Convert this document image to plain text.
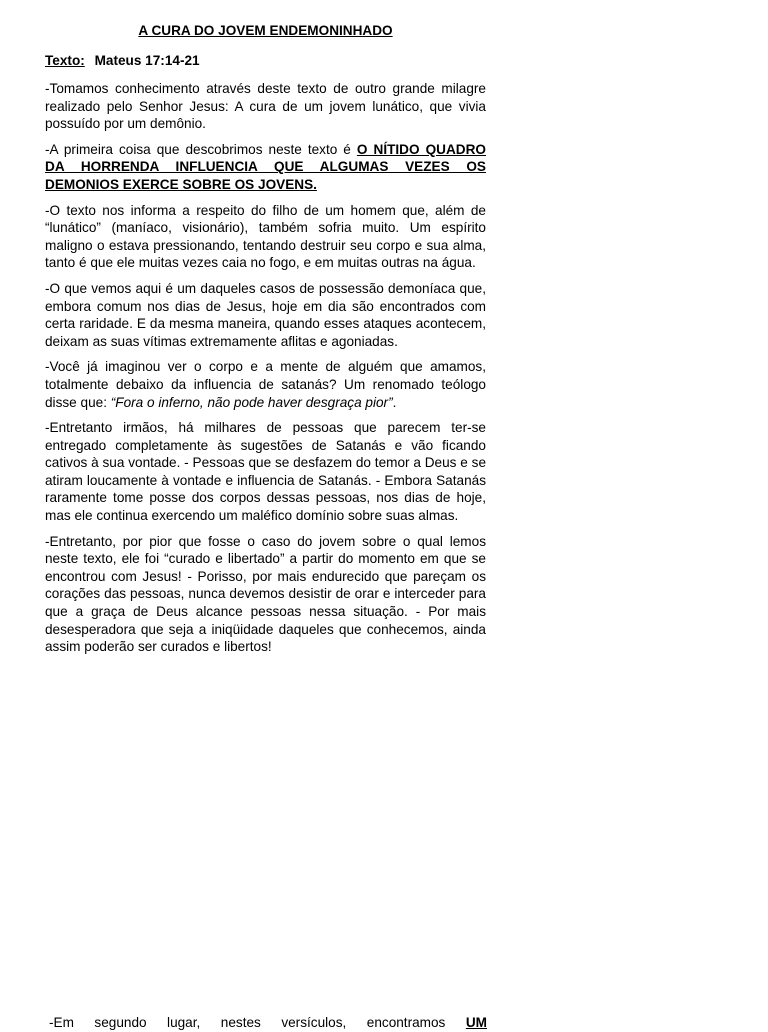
A CURA DO JOVEM ENDEMONINHADO
Texto: Mateus 17:14-21

-Tomamos conhecimento através deste texto de outro grande milagre realizado pelo Senhor Jesus: A cura de um jovem lunático, que vivia possuído por um demônio.

-A primeira coisa que descobrimos neste texto é O NÍTIDO QUADRO DA HORRENDA INFLUENCIA QUE ALGUMAS VEZES OS DEMONIOS EXERCE SOBRE OS JOVENS.

-O texto nos informa a respeito do filho de um homem que, além de “lunático” (maníaco, visionário), também sofria muito. Um espírito maligno o estava pressionando, tentando destruir seu corpo e sua alma, tanto é que ele muitas vezes caia no fogo, e em muitas outras na água.

-O que vemos aqui é um daqueles casos de possessão demoníaca que, embora comum nos dias de Jesus, hoje em dia são encontrados com certa raridade. E da mesma maneira, quando esses ataques acontecem, deixam as suas vítimas extremamente aflitas e agoniadas.

-Você já imaginou ver o corpo e a mente de alguém que amamos, totalmente debaixo da influencia de satanás? Um renomado teólogo disse que: “Fora o inferno, não pode haver desgraça pior”.

-Entretanto irmãos, há milhares de pessoas que parecem ter-se entregado completamente às sugestões de Satanás e vão ficando cativos à sua vontade. - Pessoas que se desfazem do temor a Deus e se atiram loucamente à vontade e influencia de Satanás. - Embora Satanás raramente tome posse dos corpos dessas pessoas, nos dias de hoje, mas ele continua exercendo um maléfico domínio sobre suas almas.

-Entretanto, por pior que fosse o caso do jovem sobre o qual lemos neste texto, ele foi “curado e libertado” a partir do momento em que se encontrou com Jesus! - Porisso, por mais endurecido que pareçam os corações das pessoas, nunca devemos desistir de orar e interceder para que a graça de Deus alcance pessoas nessa situação. - Por mais desesperadora que seja a iniqüidade daqueles que conhecemos, ainda assim poderão ser curados e libertos!

-Em segundo lugar, nestes versículos, encontramos UM
